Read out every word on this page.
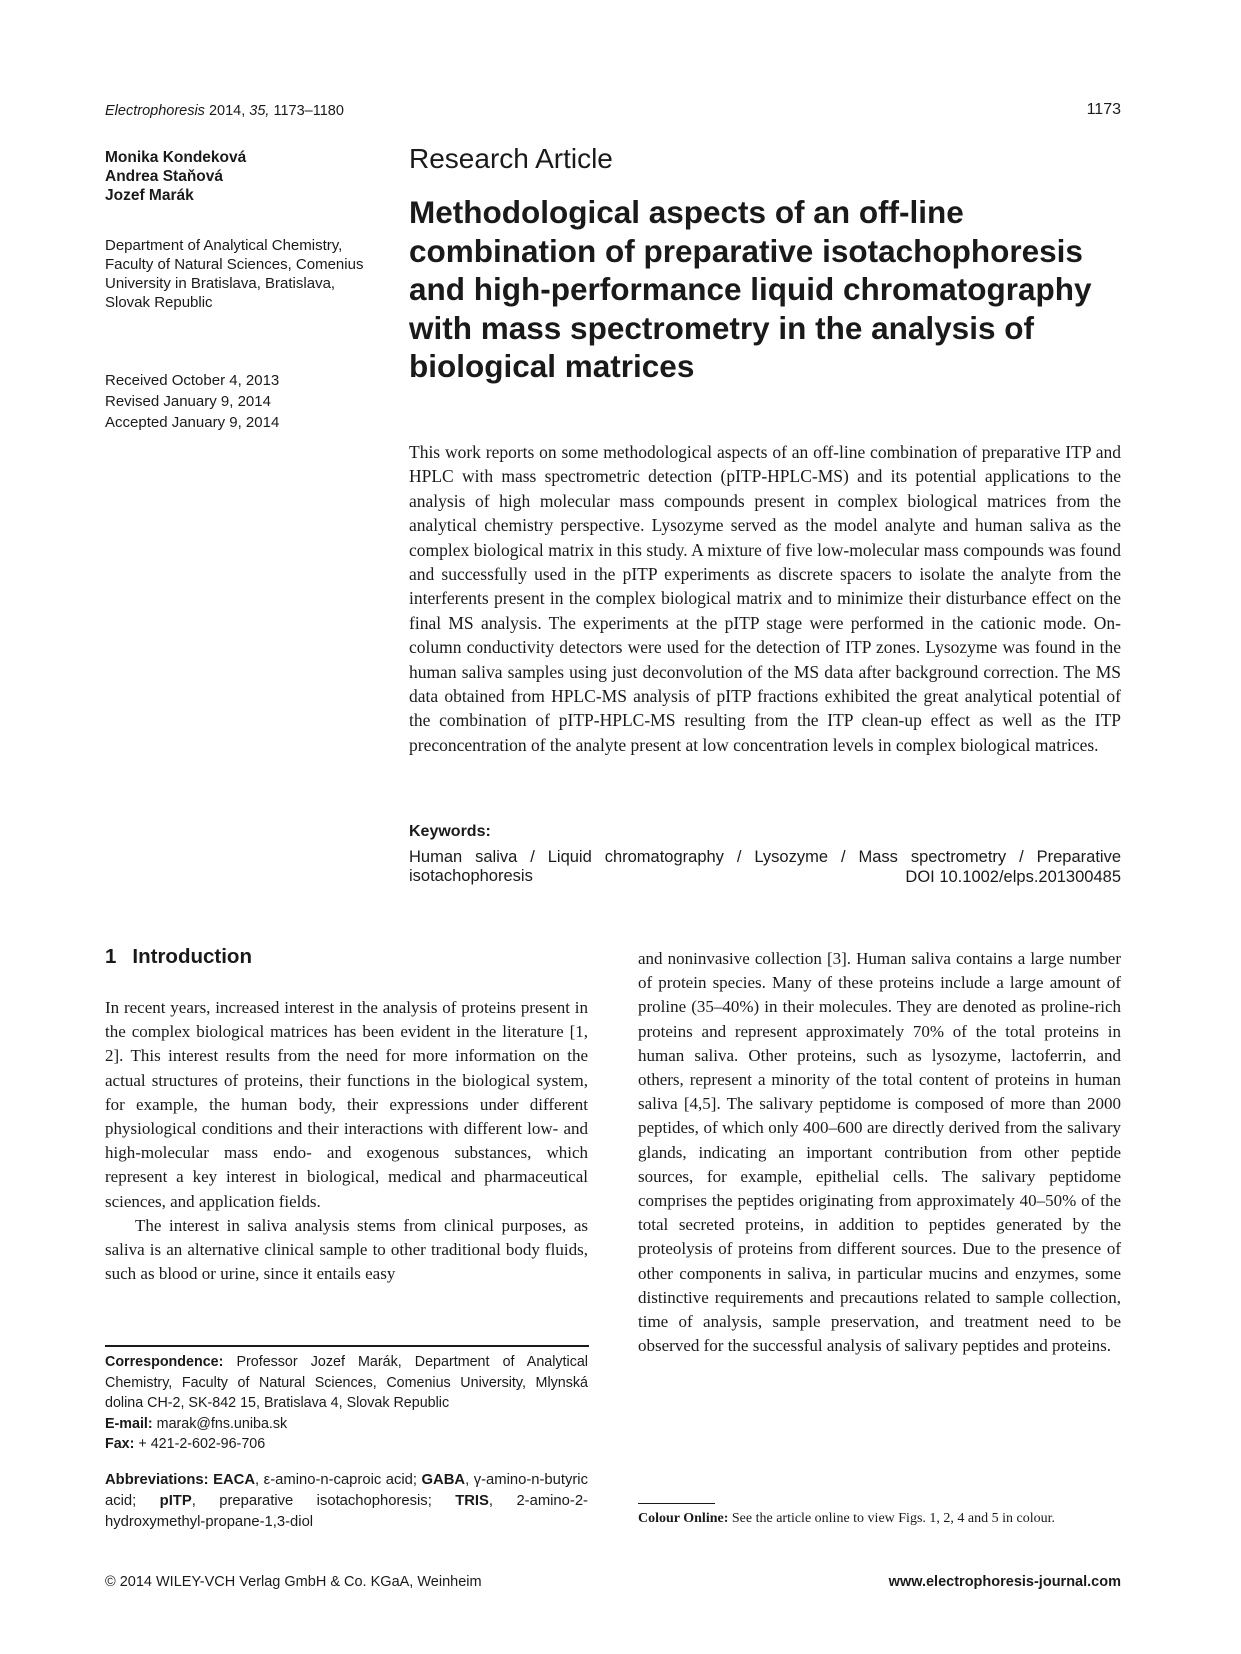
Electrophoresis 2014, 35, 1173–1180	1173
Monika Kondeková
Andrea Staňová
Jozef Marák
Department of Analytical Chemistry, Faculty of Natural Sciences, Comenius University in Bratislava, Bratislava, Slovak Republic
Received October 4, 2013
Revised January 9, 2014
Accepted January 9, 2014
Research Article
Methodological aspects of an off-line combination of preparative isotachophoresis and high-performance liquid chromatography with mass spectrometry in the analysis of biological matrices

This work reports on some methodological aspects of an off-line combination of preparative ITP and HPLC with mass spectrometric detection (pITP-HPLC-MS) and its potential applications to the analysis of high molecular mass compounds present in complex biological matrices from the analytical chemistry perspective. Lysozyme served as the model analyte and human saliva as the complex biological matrix in this study. A mixture of five low-molecular mass compounds was found and successfully used in the pITP experiments as discrete spacers to isolate the analyte from the interferents present in the complex biological matrix and to minimize their disturbance effect on the final MS analysis. The experiments at the pITP stage were performed in the cationic mode. On-column conductivity detectors were used for the detection of ITP zones. Lysozyme was found in the human saliva samples using just deconvolution of the MS data after background correction. The MS data obtained from HPLC-MS analysis of pITP fractions exhibited the great analytical potential of the combination of pITP-HPLC-MS resulting from the ITP clean-up effect as well as the ITP preconcentration of the analyte present at low concentration levels in complex biological matrices.

Keywords:
Human saliva / Liquid chromatography / Lysozyme / Mass spectrometry / Preparative isotachophoresis	DOI 10.1002/elps.201300485
1 Introduction

In recent years, increased interest in the analysis of proteins present in the complex biological matrices has been evident in the literature [1, 2]. This interest results from the need for more information on the actual structures of proteins, their functions in the biological system, for example, the human body, their expressions under different physiological conditions and their interactions with different low- and high-molecular mass endo- and exogenous substances, which represent a key interest in biological, medical and pharmaceutical sciences, and application fields.

The interest in saliva analysis stems from clinical purposes, as saliva is an alternative clinical sample to other traditional body fluids, such as blood or urine, since it entails easy

and noninvasive collection [3]. Human saliva contains a large number of protein species. Many of these proteins include a large amount of proline (35–40%) in their molecules. They are denoted as proline-rich proteins and represent approximately 70% of the total proteins in human saliva. Other proteins, such as lysozyme, lactoferrin, and others, represent a minority of the total content of proteins in human saliva [4,5]. The salivary peptidome is composed of more than 2000 peptides, of which only 400–600 are directly derived from the salivary glands, indicating an important contribution from other peptide sources, for example, epithelial cells. The salivary peptidome comprises the peptides originating from approximately 40–50% of the total secreted proteins, in addition to peptides generated by the proteolysis of proteins from different sources. Due to the presence of other components in saliva, in particular mucins and enzymes, some distinctive requirements and precautions related to sample collection, time of analysis, sample preservation, and treatment need to be observed for the successful analysis of salivary peptides and proteins.

Correspondence: Professor Jozef Marák, Department of Analytical Chemistry, Faculty of Natural Sciences, Comenius University, Mlynská dolina CH-2, SK-842 15, Bratislava 4, Slovak Republic
E-mail: marak@fns.uniba.sk
Fax: + 421-2-602-96-706
Abbreviations: EACA, ε-amino-n-caproic acid; GABA, γ-amino-n-butyric acid; pITP, preparative isotachophoresis; TRIS, 2-amino-2-hydroxymethyl-propane-1,3-diol	Colour Online: See the article online to view Figs. 1, 2, 4 and 5 in colour.
© 2014 WILEY-VCH Verlag GmbH & Co. KGaA, Weinheim	www.electrophoresis-journal.com
